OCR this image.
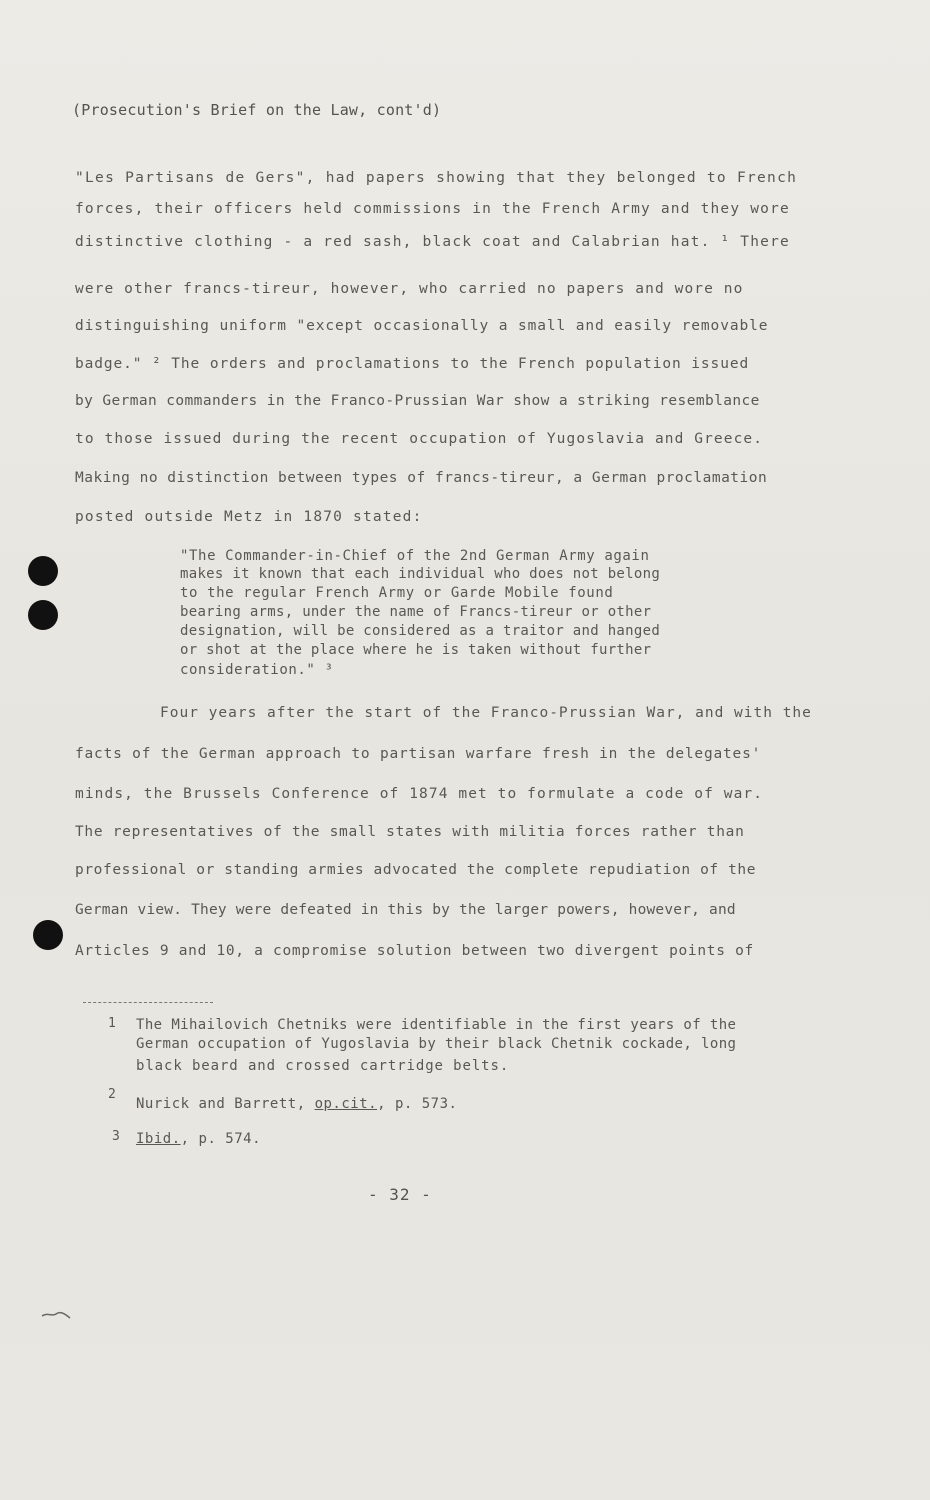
(Prosecution's Brief on the Law, cont'd)
"Les Partisans de Gers", had papers showing that they belonged to French
forces, their officers held commissions in the French Army and they wore
distinctive clothing - a red sash, black coat and Calabrian hat. ¹ There
were other francs-tireur, however, who carried no papers and wore no
distinguishing uniform "except occasionally a small and easily removable
badge." ² The orders and proclamations to the French population issued
by German commanders in the Franco-Prussian War show a striking resemblance
to those issued during the recent occupation of Yugoslavia and Greece.
Making no distinction between types of francs-tireur, a German proclamation
posted outside Metz in 1870 stated:
"The Commander-in-Chief of the 2nd German Army again
makes it known that each individual who does not belong
to the regular French Army or Garde Mobile found
bearing arms, under the name of Francs-tireur or other
designation, will be considered as a traitor and hanged
or shot at the place where he is taken without further
consideration." ³
Four years after the start of the Franco-Prussian War, and with the
facts of the German approach to partisan warfare fresh in the delegates'
minds, the Brussels Conference of 1874 met to formulate a code of war.
The representatives of the small states with militia forces rather than
professional or standing armies advocated the complete repudiation of the
German view. They were defeated in this by the larger powers, however, and
Articles 9 and 10, a compromise solution between two divergent points of
1 The Mihailovich Chetniks were identifiable in the first years of the
German occupation of Yugoslavia by their black Chetnik cockade, long
black beard and crossed cartridge belts.
2
Nurick and Barrett, op.cit., p. 573.
3 Ibid., p. 574.
- 32 -
